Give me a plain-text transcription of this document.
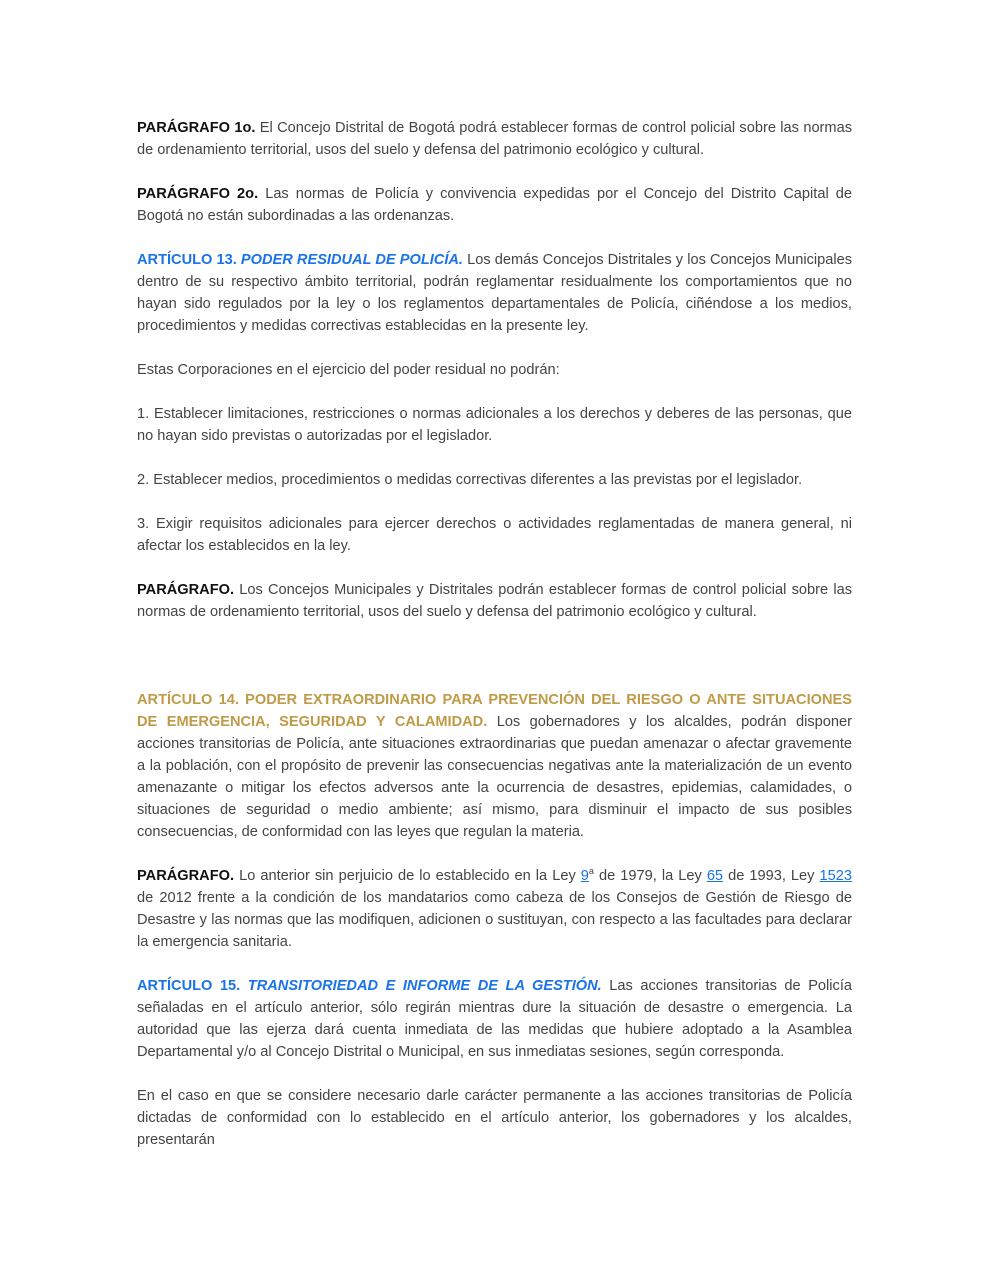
PARÁGRAFO 1o. El Concejo Distrital de Bogotá podrá establecer formas de control policial sobre las normas de ordenamiento territorial, usos del suelo y defensa del patrimonio ecológico y cultural.

PARÁGRAFO 2o. Las normas de Policía y convivencia expedidas por el Concejo del Distrito Capital de Bogotá no están subordinadas a las ordenanzas.

ARTÍCULO 13. PODER RESIDUAL DE POLICÍA. Los demás Concejos Distritales y los Concejos Municipales dentro de su respectivo ámbito territorial, podrán reglamentar residualmente los comportamientos que no hayan sido regulados por la ley o los reglamentos departamentales de Policía, ciñéndose a los medios, procedimientos y medidas correctivas establecidas en la presente ley.

Estas Corporaciones en el ejercicio del poder residual no podrán:

1. Establecer limitaciones, restricciones o normas adicionales a los derechos y deberes de las personas, que no hayan sido previstas o autorizadas por el legislador.

2. Establecer medios, procedimientos o medidas correctivas diferentes a las previstas por el legislador.

3. Exigir requisitos adicionales para ejercer derechos o actividades reglamentadas de manera general, ni afectar los establecidos en la ley.

PARÁGRAFO. Los Concejos Municipales y Distritales podrán establecer formas de control policial sobre las normas de ordenamiento territorial, usos del suelo y defensa del patrimonio ecológico y cultural.

ARTÍCULO 14. PODER EXTRAORDINARIO PARA PREVENCIÓN DEL RIESGO O ANTE SITUACIONES DE EMERGENCIA, SEGURIDAD Y CALAMIDAD. Los gobernadores y los alcaldes, podrán disponer acciones transitorias de Policía, ante situaciones extraordinarias que puedan amenazar o afectar gravemente a la población, con el propósito de prevenir las consecuencias negativas ante la materialización de un evento amenazante o mitigar los efectos adversos ante la ocurrencia de desastres, epidemias, calamidades, o situaciones de seguridad o medio ambiente; así mismo, para disminuir el impacto de sus posibles consecuencias, de conformidad con las leyes que regulan la materia.

PARÁGRAFO. Lo anterior sin perjuicio de lo establecido en la Ley 9$^a$ de 1979, la Ley 65 de 1993, Ley 1523 de 2012 frente a la condición de los mandatarios como cabeza de los Consejos de Gestión de Riesgo de Desastre y las normas que las modifiquen, adicionen o sustituyan, con respecto a las facultades para declarar la emergencia sanitaria.

ARTÍCULO 15. TRANSITORIEDAD E INFORME DE LA GESTIÓN. Las acciones transitorias de Policía señaladas en el artículo anterior, sólo regirán mientras dure la situación de desastre o emergencia. La autoridad que las ejerza dará cuenta inmediata de las medidas que hubiere adoptado a la Asamblea Departamental y/o al Concejo Distrital o Municipal, en sus inmediatas sesiones, según corresponda.

En el caso en que se considere necesario darle carácter permanente a las acciones transitorias de Policía dictadas de conformidad con lo establecido en el artículo anterior, los gobernadores y los alcaldes, presentarán
